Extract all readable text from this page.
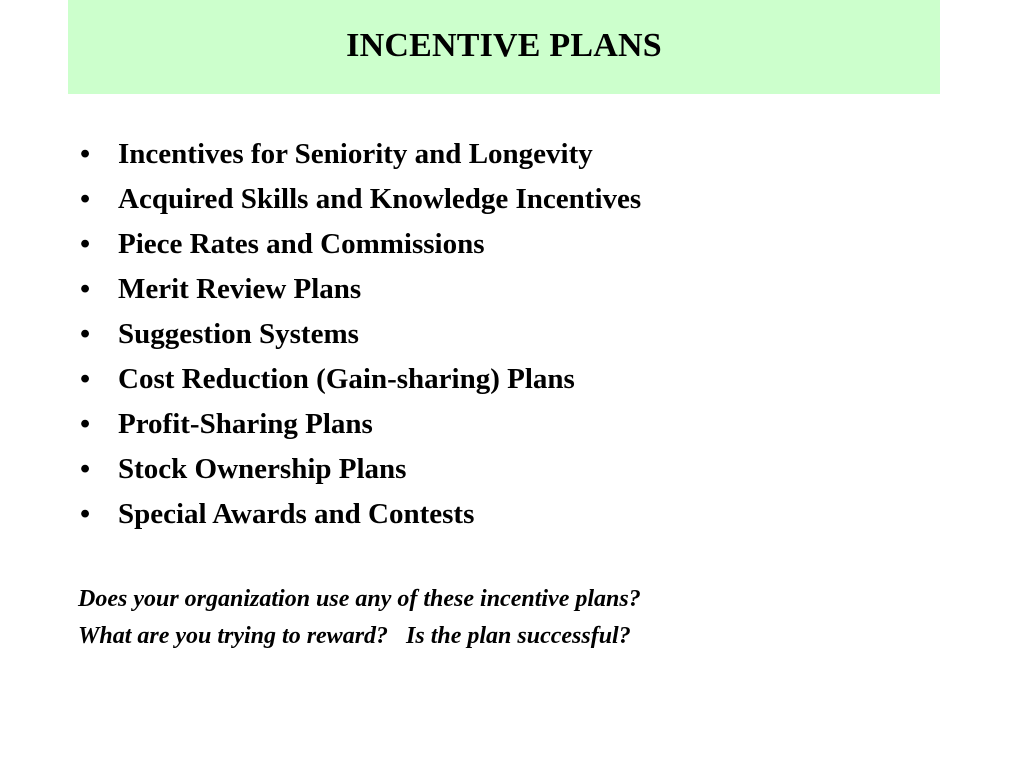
INCENTIVE PLANS
• Incentives for Seniority and Longevity
• Acquired Skills and Knowledge Incentives
• Piece Rates and Commissions
• Merit Review Plans
• Suggestion Systems
• Cost Reduction (Gain-sharing) Plans
• Profit-Sharing Plans
• Stock Ownership Plans
• Special Awards and Contests
Does your organization use any of these incentive plans?
What are you trying to reward?   Is the plan successful?
